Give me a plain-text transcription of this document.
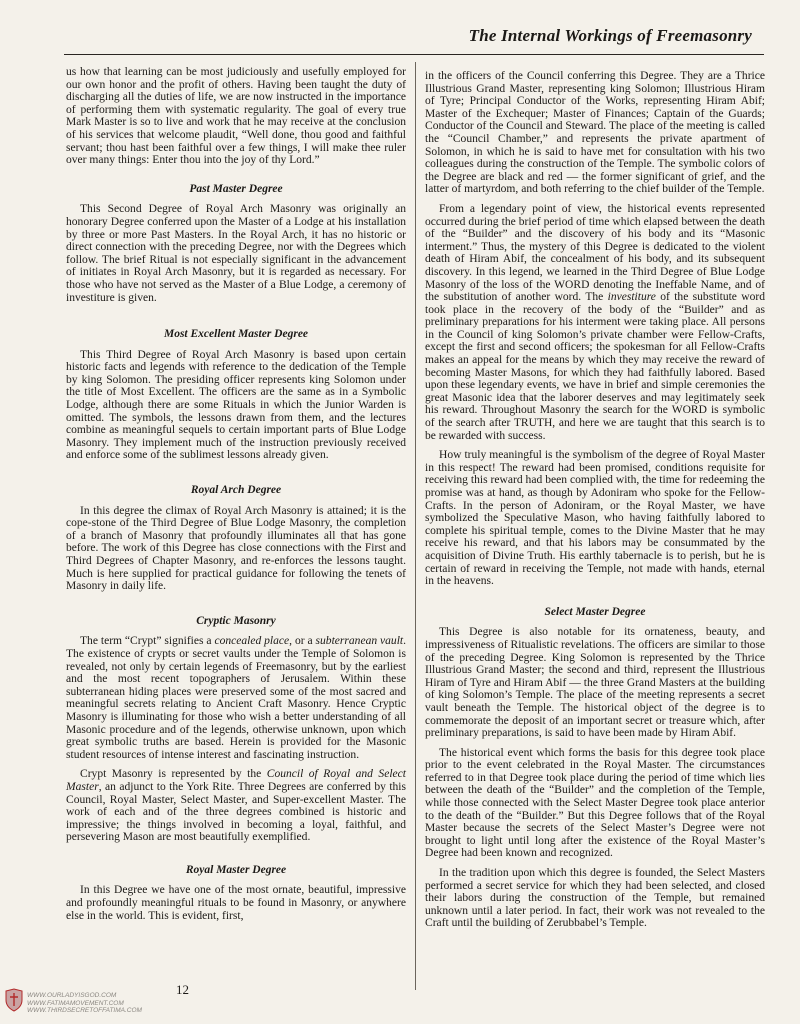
The Internal Workings of Freemasonry

us how that learning can be most judiciously and usefully employed for our own honor and the profit of others. Having been taught the duty of discharging all the duties of life, we are now instructed in the importance of performing them with systematic regularity. The goal of every true Mark Master is so to live and work that he may receive at the conclusion of his services that welcome plaudit, “Well done, thou good and faithful servant; thou hast been faithful over a few things, I will make thee ruler over many things: Enter thou into the joy of thy Lord.”

Past Master Degree

This Second Degree of Royal Arch Masonry was originally an honorary Degree conferred upon the Master of a Lodge at his installation by three or more Past Masters. In the Royal Arch, it has no historic or direct connection with the preceding Degree, nor with the Degrees which follow. The brief Ritual is not especially significant in the advancement of initiates in Royal Arch Masonry, but it is regarded as necessary. For those who have not served as the Master of a Blue Lodge, a ceremony of investiture is given.

Most Excellent Master Degree

This Third Degree of Royal Arch Masonry is based upon certain historic facts and legends with reference to the dedication of the Temple by king Solomon. The presiding officer represents king Solomon under the title of Most Excellent. The officers are the same as in a Symbolic Lodge, although there are some Rituals in which the Junior Warden is omitted. The symbols, the lessons drawn from them, and the lectures combine as meaningful sequels to certain important parts of Blue Lodge Masonry. They implement much of the instruction previously received and enforce some of the sublimest lessons already given.

Royal Arch Degree

In this degree the climax of Royal Arch Masonry is attained; it is the cope-stone of the Third Degree of Blue Lodge Masonry, the completion of a branch of Masonry that profoundly illuminates all that has gone before. The work of this Degree has close connections with the First and Third Degrees of Chapter Masonry, and re-enforces the lessons taught. Much is here supplied for practical guidance for following the tenets of Masonry in daily life.

Cryptic Masonry

The term “Crypt” signifies a concealed place, or a subterranean vault. The existence of crypts or secret vaults under the Temple of Solomon is revealed, not only by certain legends of Freemasonry, but by the earliest and the most recent topographers of Jerusalem. Within these subterranean hiding places were preserved some of the most sacred and meaningful secrets relating to Ancient Craft Masonry. Hence Cryptic Masonry is illuminating for those who wish a better understanding of all Masonic procedure and of the legends, otherwise unknown, upon which great symbolic truths are based. Herein is provided for the Masonic student resources of intense interest and fascinating instruction.

Crypt Masonry is represented by the Council of Royal and Select Master, an adjunct to the York Rite. Three Degrees are conferred by this Council, Royal Master, Select Master, and Super-excellent Master. The work of each and of the three degrees combined is historic and impressive; the things involved in becoming a loyal, faithful, and persevering Mason are most beautifully exemplified.

Royal Master Degree

In this Degree we have one of the most ornate, beautiful, impressive and profoundly meaningful rituals to be found in Masonry, or anywhere else in the world. This is evident, first,

in the officers of the Council conferring this Degree. They are a Thrice Illustrious Grand Master, representing king Solomon; Illustrious Hiram of Tyre; Principal Conductor of the Works, representing Hiram Abif; Master of the Exchequer; Master of Finances; Captain of the Guards; Conductor of the Council and Steward. The place of the meeting is called the “Council Chamber,” and represents the private apartment of Solomon, in which he is said to have met for consultation with his two colleagues during the construction of the Temple. The symbolic colors of the Degree are black and red — the former significant of grief, and the latter of martyrdom, and both referring to the chief builder of the Temple.

From a legendary point of view, the historical events represented occurred during the brief period of time which elapsed between the death of the “Builder” and the discovery of his body and its “Masonic interment.” Thus, the mystery of this Degree is dedicated to the violent death of Hiram Abif, the concealment of his body, and its subsequent discovery. In this legend, we learned in the Third Degree of Blue Lodge Masonry of the loss of the WORD denoting the Ineffable Name, and of the substitution of another word. The investiture of the substitute word took place in the recovery of the body of the “Builder” and as preliminary preparations for his interment were taking place. All persons in the Council of king Solomon’s private chamber were Fellow-Crafts, except the first and second officers; the spokesman for all Fellow-Crafts makes an appeal for the means by which they may receive the reward of becoming Master Masons, for which they had faithfully labored. Based upon these legendary events, we have in brief and simple ceremonies the great Masonic idea that the laborer deserves and may legitimately seek his reward. Throughout Masonry the search for the WORD is symbolic of the search after TRUTH, and here we are taught that this search is to be rewarded with success.

How truly meaningful is the symbolism of the degree of Royal Master in this respect! The reward had been promised, conditions requisite for receiving this reward had been complied with, the time for redeeming the promise was at hand, as though by Adoniram who spoke for the Fellow-Crafts. In the person of Adoniram, or the Royal Master, we have symbolized the Speculative Mason, who having faithfully labored to complete his spiritual temple, comes to the Divine Master that he may receive his reward, and that his labors may be consummated by the acquisition of Divine Truth. His earthly tabernacle is to perish, but he is certain of reward in receiving the Temple, not made with hands, eternal in the heavens.

Select Master Degree

This Degree is also notable for its ornateness, beauty, and impressiveness of Ritualistic revelations. The officers are similar to those of the preceding Degree. King Solomon is represented by the Thrice Illustrious Grand Master; the second and third, represent the Illustrious Hiram of Tyre and Hiram Abif — the three Grand Masters at the building of king Solomon’s Temple. The place of the meeting represents a secret vault beneath the Temple. The historical object of the degree is to commemorate the deposit of an important secret or treasure which, after preliminary preparations, is said to have been made by Hiram Abif.

The historical event which forms the basis for this degree took place prior to the event celebrated in the Royal Master. The circumstances referred to in that Degree took place during the period of time which lies between the death of the “Builder” and the completion of the Temple, while those connected with the Select Master Degree took place anterior to the death of the “Builder.” But this Degree follows that of the Royal Master because the secrets of the Select Master’s Degree were not brought to light until long after the existence of the Royal Master’s Degree had been known and recognized.

In the tradition upon which this degree is founded, the Select Masters performed a secret service for which they had been selected, and closed their labors during the construction of the Temple, but remained unknown until a later period. In fact, their work was not revealed to the Craft until the building of Zerubbabel’s Temple.

WWW.OURLADYISGOD.COM
WWW.FATIMAMOVEMENT.COM
WWW.THIRDSECRETOFFATIMA.COM
12
